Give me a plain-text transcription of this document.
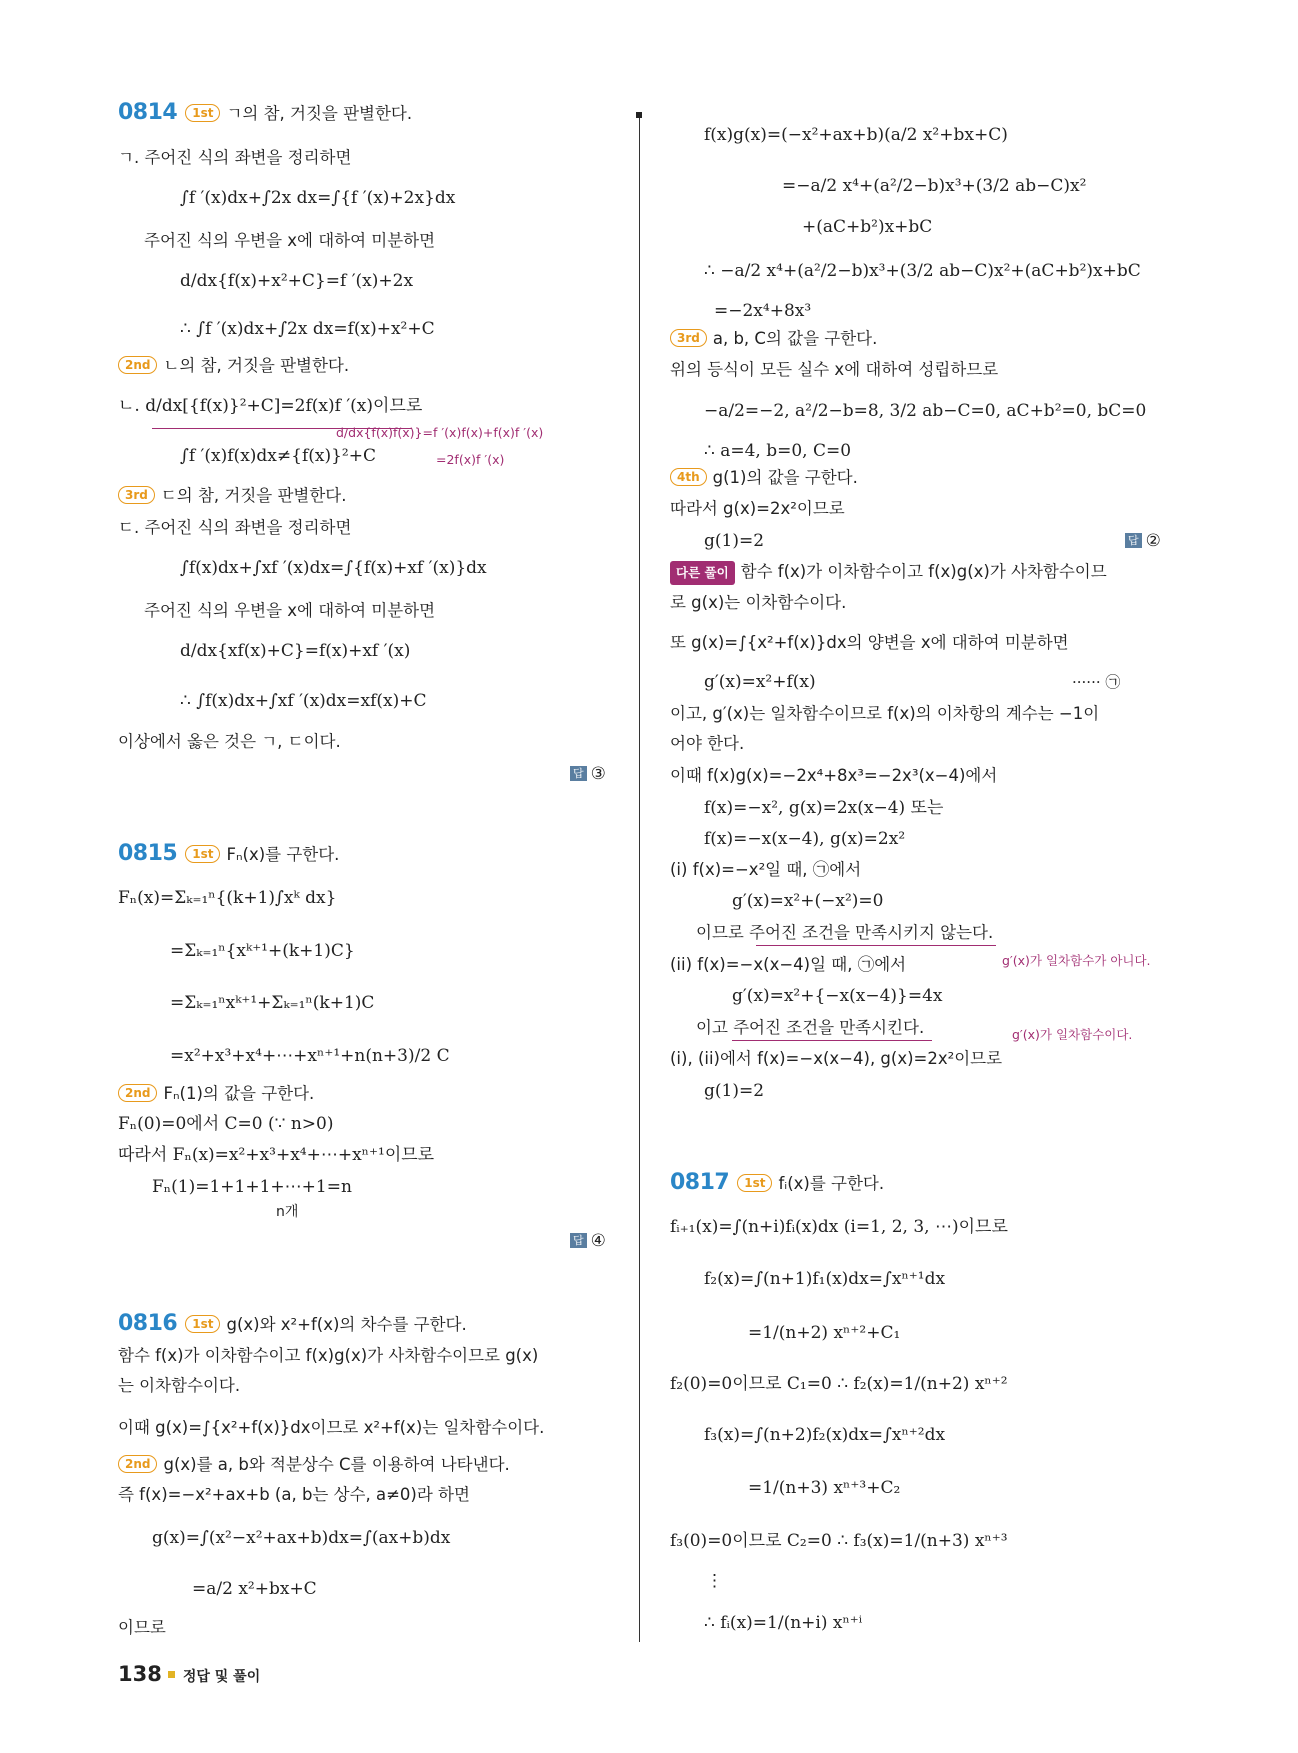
0814 1st ㄱ의 참, 거짓을 판별한다.
ㄱ. 주어진 식의 좌변을 정리하면
∫f ′(x)dx+∫2x dx=∫{f ′(x)+2x}dx
주어진 식의 우변을 x에 대하여 미분하면
d/dx{f(x)+x²+C}=f ′(x)+2x
∴ ∫f ′(x)dx+∫2x dx=f(x)+x²+C
2nd ㄴ의 참, 거짓을 판별한다.
ㄴ. d/dx[{f(x)}²+C]=2f(x)f ′(x)이므로
d/dx{f(x)f(x)}=f ′(x)f(x)+f(x)f ′(x)
∫f ′(x)f(x)dx≠{f(x)}²+C	=2f(x)f ′(x)
3rd ㄷ의 참, 거짓을 판별한다.
ㄷ. 주어진 식의 좌변을 정리하면
∫f(x)dx+∫xf ′(x)dx=∫{f(x)+xf ′(x)}dx
주어진 식의 우변을 x에 대하여 미분하면
d/dx{xf(x)+C}=f(x)+xf ′(x)
∴ ∫f(x)dx+∫xf ′(x)dx=xf(x)+C
이상에서 옳은 것은 ㄱ, ㄷ이다.
답 ③
0815 1st Fₙ(x)를 구한다.
Fₙ(x)=Σₖ₌₁ⁿ{(k+1)∫xᵏ dx}
=Σₖ₌₁ⁿ{xᵏ⁺¹+(k+1)C}
=Σₖ₌₁ⁿxᵏ⁺¹+Σₖ₌₁ⁿ(k+1)C
=x²+x³+x⁴+⋯+xⁿ⁺¹+n(n+3)/2 C
2nd Fₙ(1)의 값을 구한다.
Fₙ(0)=0에서 C=0 (∵ n>0)
따라서 Fₙ(x)=x²+x³+x⁴+⋯+xⁿ⁺¹이므로
Fₙ(1)=1+1+1+⋯+1=n
n개
답 ④
0816 1st g(x)와 x²+f(x)의 차수를 구한다.
함수 f(x)가 이차함수이고 f(x)g(x)가 사차함수이므로 g(x)
는 이차함수이다.
이때 g(x)=∫{x²+f(x)}dx이므로 x²+f(x)는 일차함수이다.
2nd g(x)를 a, b와 적분상수 C를 이용하여 나타낸다.
즉 f(x)=−x²+ax+b (a, b는 상수, a≠0)라 하면
g(x)=∫(x²−x²+ax+b)dx=∫(ax+b)dx
=a/2 x²+bx+C
이므로
f(x)g(x)=(−x²+ax+b)(a/2 x²+bx+C)
=−a/2 x⁴+(a²/2−b)x³+(3/2 ab−C)x²
+(aC+b²)x+bC
∴ −a/2 x⁴+(a²/2−b)x³+(3/2 ab−C)x²+(aC+b²)x+bC
=−2x⁴+8x³
3rd a, b, C의 값을 구한다.
위의 등식이 모든 실수 x에 대하여 성립하므로
−a/2=−2, a²/2−b=8, 3/2 ab−C=0, aC+b²=0, bC=0
∴ a=4, b=0, C=0
4th g(1)의 값을 구한다.
따라서 g(x)=2x²이므로
g(1)=2	답 ②
다른 풀이 함수 f(x)가 이차함수이고 f(x)g(x)가 사차함수이므
로 g(x)는 이차함수이다.
또 g(x)=∫{x²+f(x)}dx의 양변을 x에 대하여 미분하면
g′(x)=x²+f(x)	······ ㉠
이고, g′(x)는 일차함수이므로 f(x)의 이차항의 계수는 −1이
어야 한다.
이때 f(x)g(x)=−2x⁴+8x³=−2x³(x−4)에서
f(x)=−x², g(x)=2x(x−4) 또는
f(x)=−x(x−4), g(x)=2x²
(i) f(x)=−x²일 때, ㉠에서
g′(x)=x²+(−x²)=0
이므로 주어진 조건을 만족시키지 않는다.
g′(x)가 일차함수가 아니다.
(ii) f(x)=−x(x−4)일 때, ㉠에서
g′(x)=x²+{−x(x−4)}=4x
이고 주어진 조건을 만족시킨다.	g′(x)가 일차함수이다.
(i), (ii)에서 f(x)=−x(x−4), g(x)=2x²이므로
g(1)=2
0817 1st fᵢ(x)를 구한다.
fᵢ₊₁(x)=∫(n+i)fᵢ(x)dx (i=1, 2, 3, ⋯)이므로
f₂(x)=∫(n+1)f₁(x)dx=∫xⁿ⁺¹dx
=1/(n+2) xⁿ⁺²+C₁
f₂(0)=0이므로 C₁=0 ∴ f₂(x)=1/(n+2) xⁿ⁺²
f₃(x)=∫(n+2)f₂(x)dx=∫xⁿ⁺²dx
=1/(n+3) xⁿ⁺³+C₂
f₃(0)=0이므로 C₂=0 ∴ f₃(x)=1/(n+3) xⁿ⁺³
⋮
∴ fᵢ(x)=1/(n+i) xⁿ⁺ⁱ
138 정답 및 풀이
